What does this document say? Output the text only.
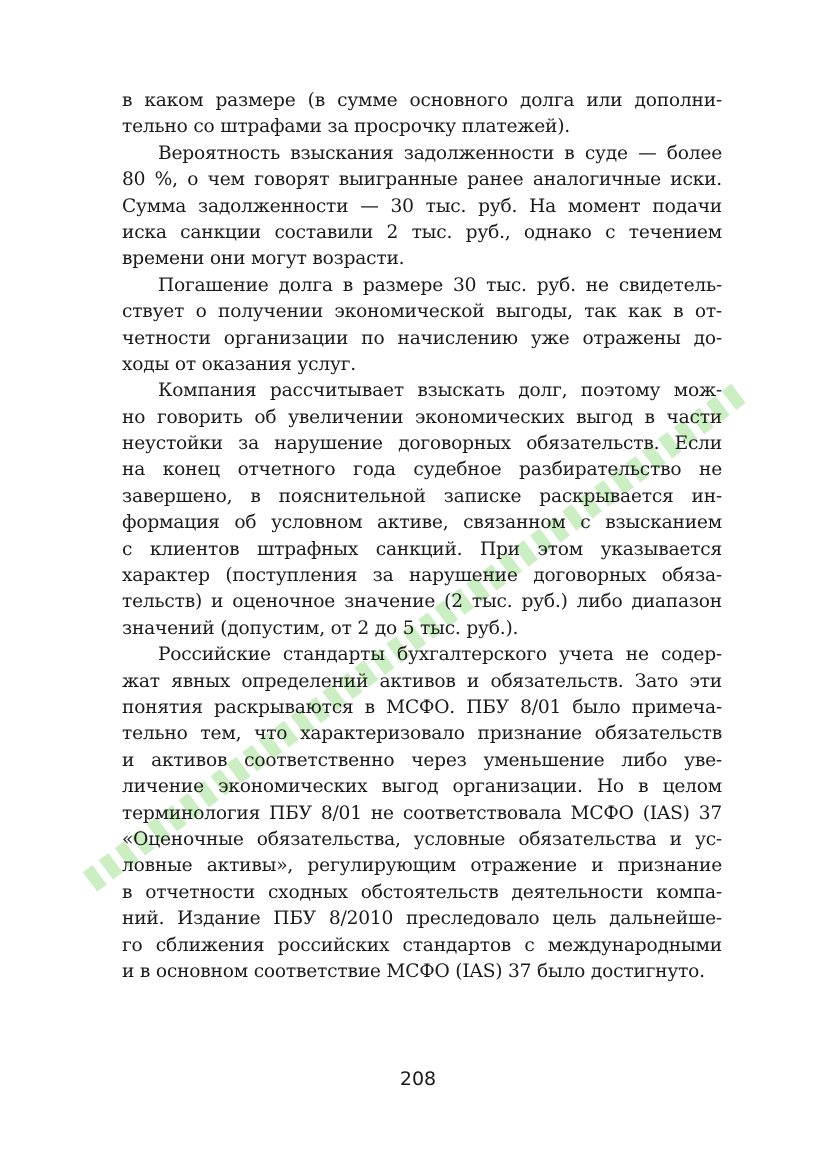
в каком размере (в сумме основного долга или дополни-
тельно со штрафами за просрочку платежей).
Вероятность взыскания задолженности в суде — более
80 %, о чем говорят выигранные ранее аналогичные иски.
Сумма задолженности — 30 тыс. руб. На момент подачи
иска санкции составили 2 тыс. руб., однако с течением
времени они могут возрасти.
Погашение долга в размере 30 тыс. руб. не свидетель-
ствует о получении экономической выгоды, так как в от-
четности организации по начислению уже отражены до-
ходы от оказания услуг.
Компания рассчитывает взыскать долг, поэтому мож-
но говорить об увеличении экономических выгод в части
неустойки за нарушение договорных обязательств. Если
на конец отчетного года судебное разбирательство не
завершено, в пояснительной записке раскрывается ин-
формация об условном активе, связанном с взысканием
с клиентов штрафных санкций. При этом указывается
характер (поступления за нарушение договорных обяза-
тельств) и оценочное значение (2 тыс. руб.) либо диапазон
значений (допустим, от 2 до 5 тыс. руб.).
Российские стандарты бухгалтерского учета не содер-
жат явных определений активов и обязательств. Зато эти
понятия раскрываются в МСФО. ПБУ 8/01 было примеча-
тельно тем, что характеризовало признание обязательств
и активов соответственно через уменьшение либо уве-
личение экономических выгод организации. Но в целом
терминология ПБУ 8/01 не соответствовала МСФО (IAS) 37
«Оценочные обязательства, условные обязательства и ус-
ловные активы», регулирующим отражение и признание
в отчетности сходных обстоятельств деятельности компа-
ний. Издание ПБУ 8/2010 преследовало цель дальнейше-
го сближения российских стандартов с международными
и в основном соответствие МСФО (IAS) 37 было достигнуто.
208
